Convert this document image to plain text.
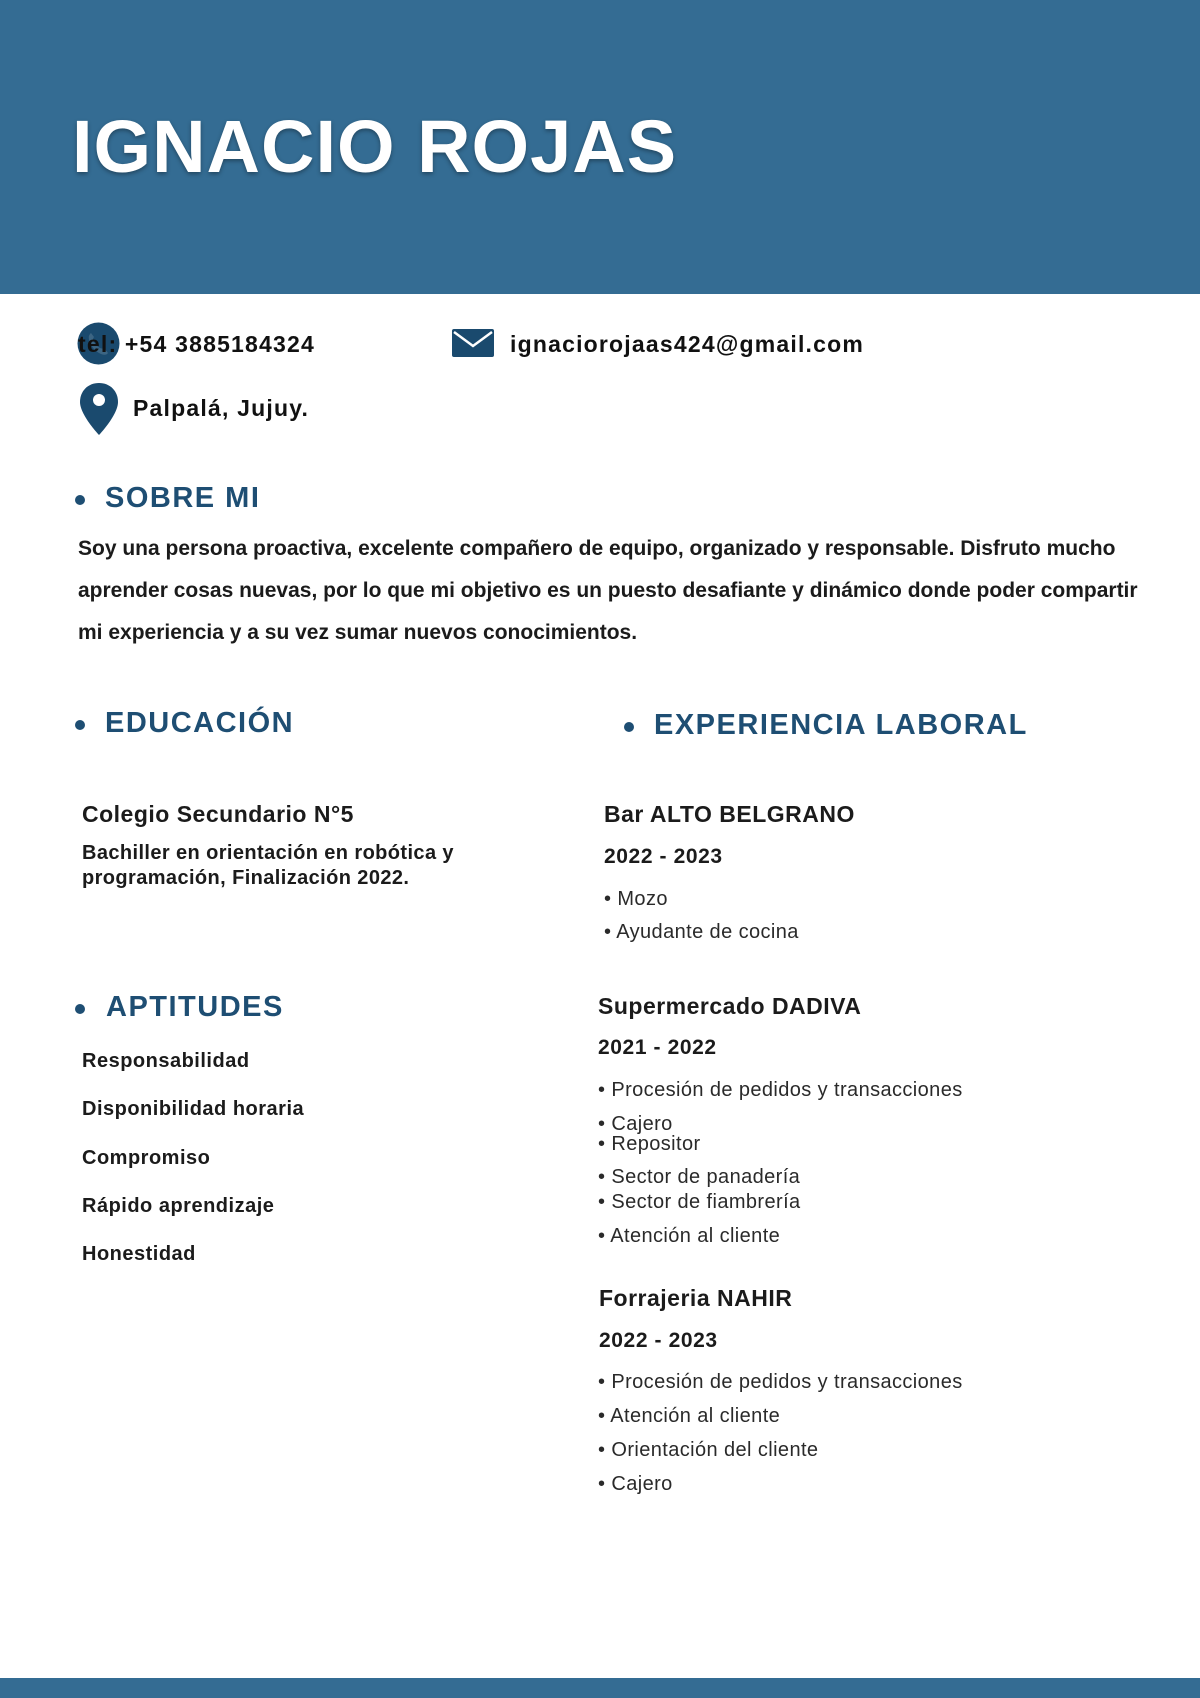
IGNACIO ROJAS
tel: +54 3885184324	ignaciorojaas424@gmail.com
Palpalá, Jujuy.
SOBRE MI
Soy una persona proactiva, excelente compañero de equipo, organizado y responsable. Disfruto mucho aprender cosas nuevas, por lo que mi objetivo es un puesto desafiante y dinámico donde poder compartir mi experiencia y a su vez sumar nuevos conocimientos.
EDUCACIÓN
Colegio Secundario N°5
Bachiller en orientación en robótica y programación, Finalización 2022.
APTITUDES
Responsabilidad
Disponibilidad horaria
Compromiso
Rápido aprendizaje
Honestidad
EXPERIENCIA LABORAL
Bar ALTO BELGRANO
2022 - 2023
• Mozo
• Ayudante de cocina
Supermercado DADIVA
2021 - 2022
• Procesión de pedidos y transacciones
• Cajero
• Repositor
• Sector de panadería
• Sector de fiambrería
• Atención al cliente
Forrajeria NAHIR
2022 - 2023
• Procesión de pedidos y transacciones
• Atención al cliente
• Orientación del cliente
• Cajero
